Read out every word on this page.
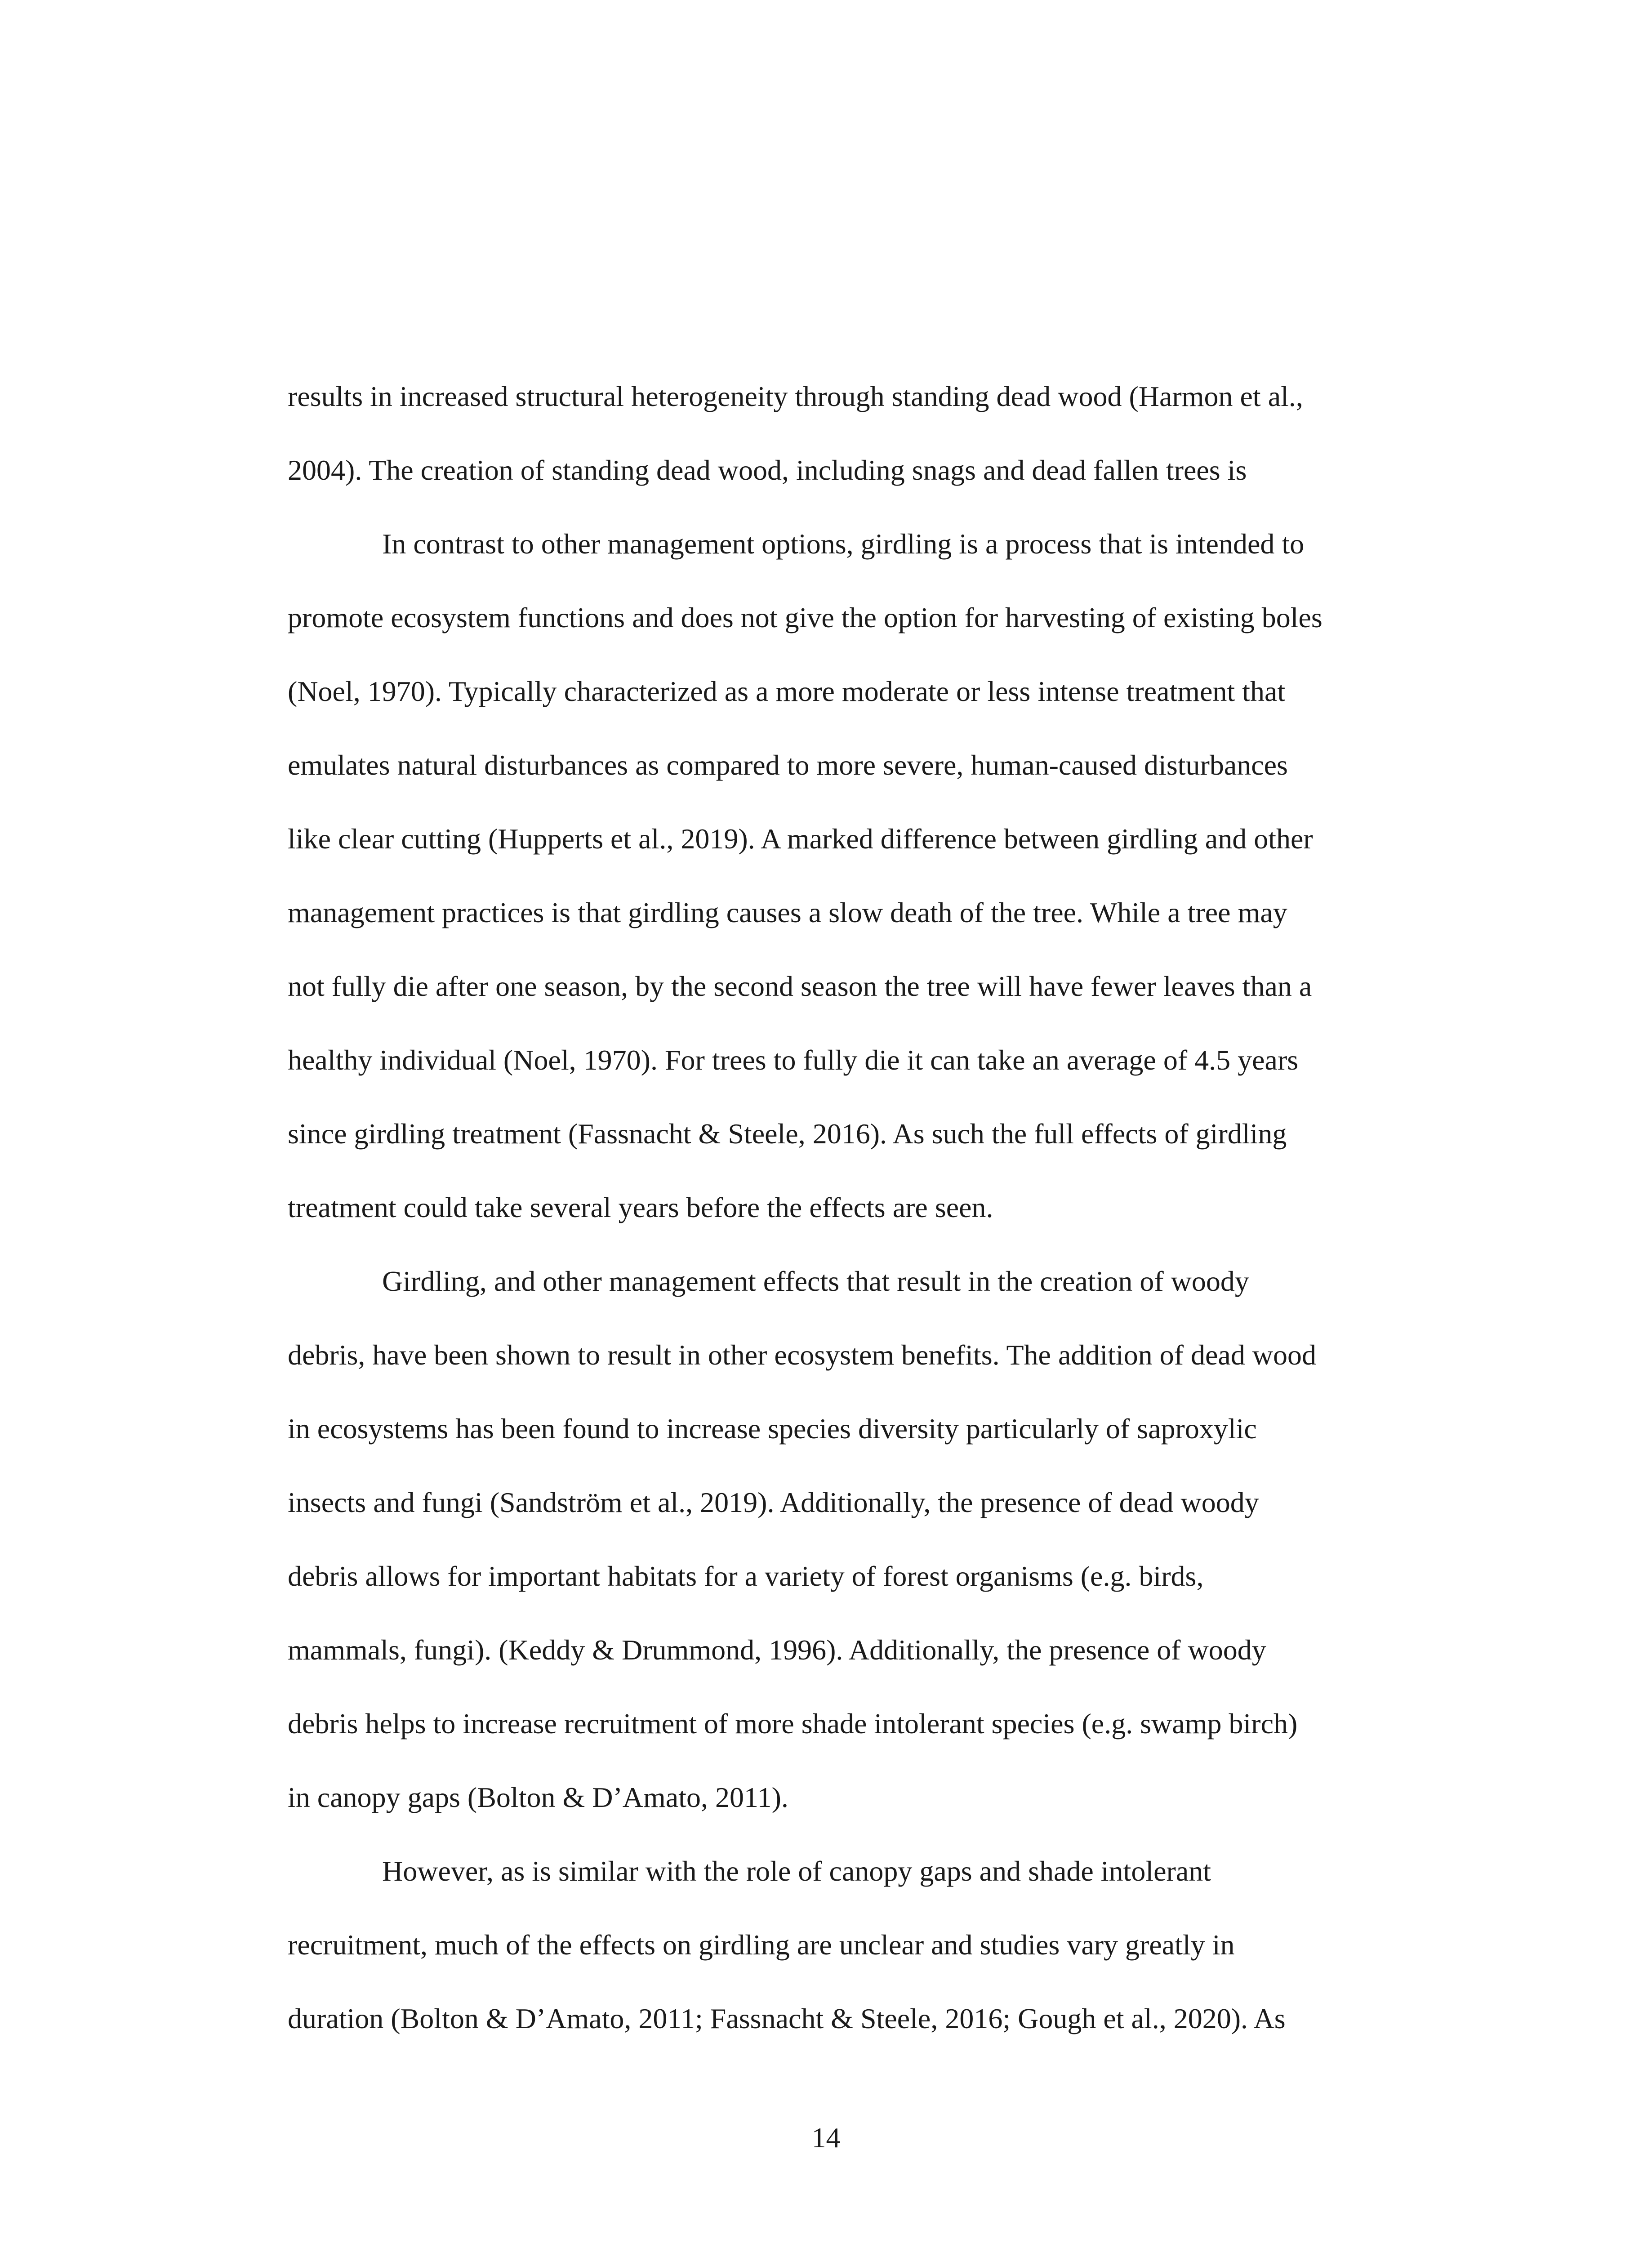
results in increased structural heterogeneity through standing dead wood (Harmon et al.,
2004). The creation of standing dead wood, including snags and dead fallen trees is
In contrast to other management options, girdling is a process that is intended to
promote ecosystem functions and does not give the option for harvesting of existing boles
(Noel, 1970). Typically characterized as a more moderate or less intense treatment that
emulates natural disturbances as compared to more severe, human-caused disturbances
like clear cutting (Hupperts et al., 2019). A marked difference between girdling and other
management practices is that girdling causes a slow death of the tree. While a tree may
not fully die after one season, by the second season the tree will have fewer leaves than a
healthy individual (Noel, 1970). For trees to fully die it can take an average of 4.5 years
since girdling treatment (Fassnacht & Steele, 2016). As such the full effects of girdling
treatment could take several years before the effects are seen.
Girdling, and other management effects that result in the creation of woody
debris, have been shown to result in other ecosystem benefits. The addition of dead wood
in ecosystems has been found to increase species diversity particularly of saproxylic
insects and fungi (Sandström et al., 2019). Additionally, the presence of dead woody
debris allows for important habitats for a variety of forest organisms (e.g. birds,
mammals, fungi). (Keddy & Drummond, 1996). Additionally, the presence of woody
debris helps to increase recruitment of more shade intolerant species (e.g. swamp birch)
in canopy gaps (Bolton & D’Amato, 2011).
However, as is similar with the role of canopy gaps and shade intolerant
recruitment, much of the effects on girdling are unclear and studies vary greatly in
duration (Bolton & D’Amato, 2011; Fassnacht & Steele, 2016; Gough et al., 2020). As
14
